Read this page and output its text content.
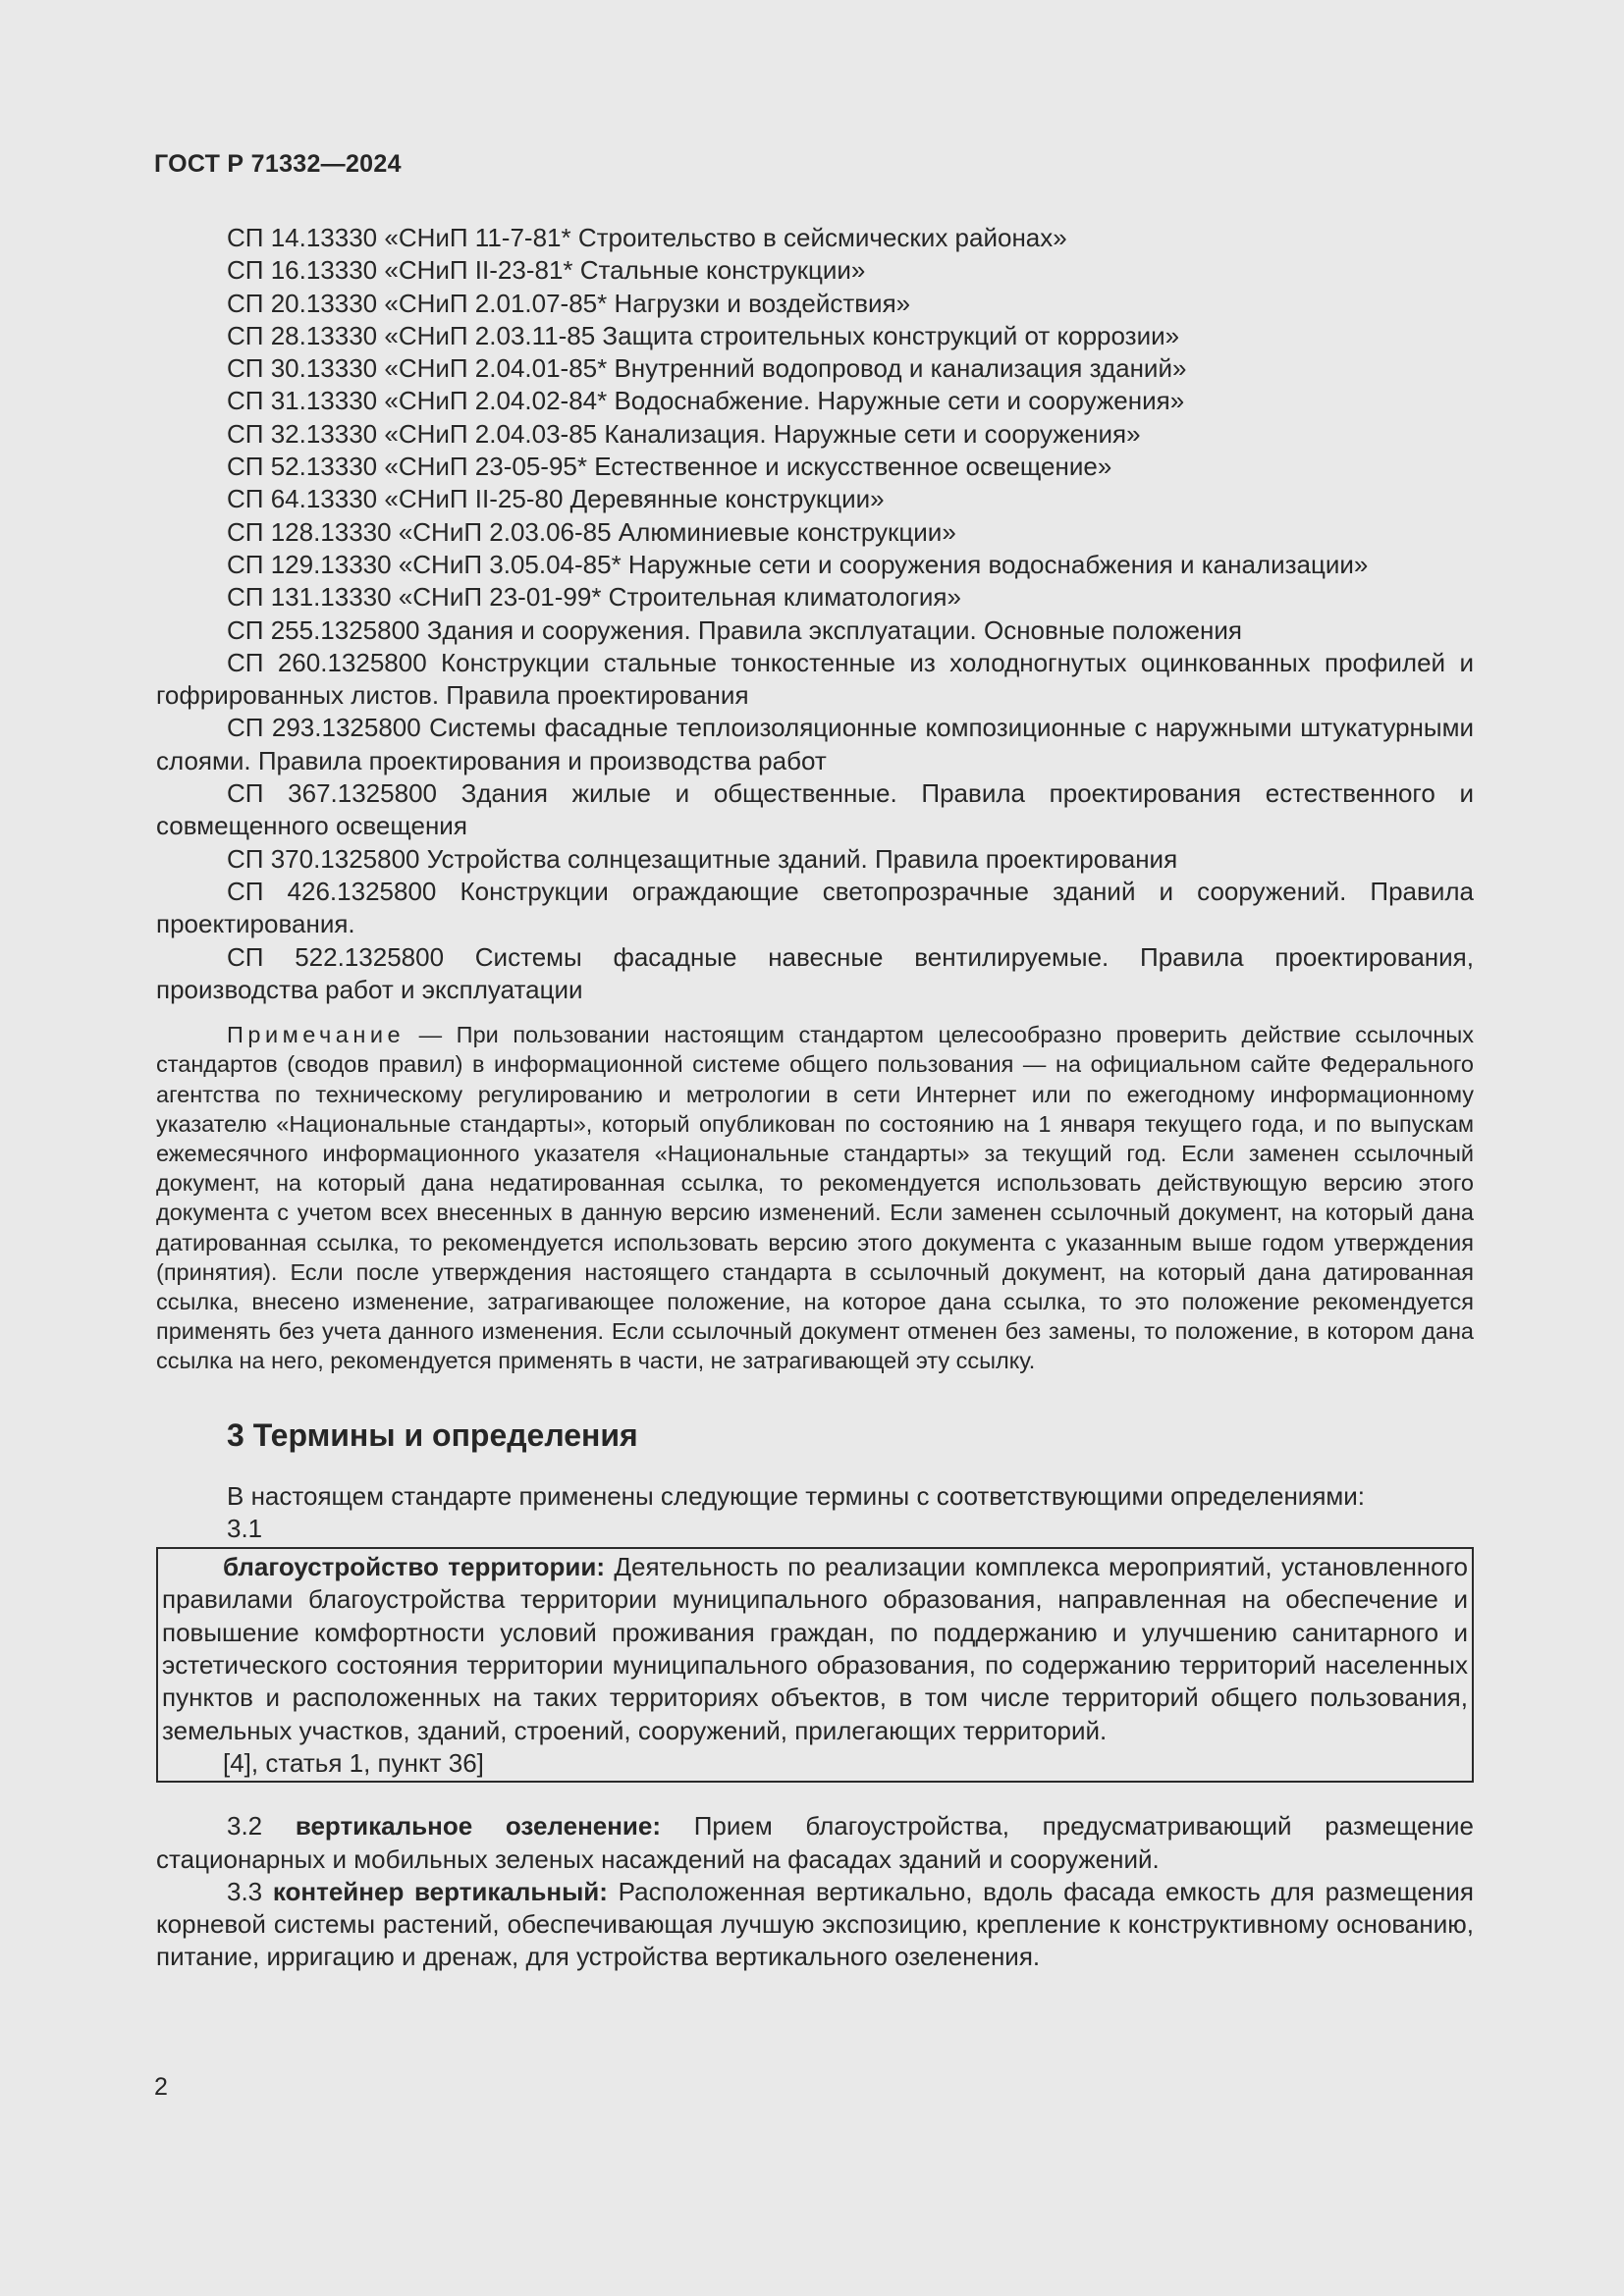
ГОСТ Р 71332—2024

СП 14.13330 «СНиП 11-7-81* Строительство в сейсмических районах»

СП 16.13330 «СНиП II-23-81* Стальные конструкции»

СП 20.13330 «СНиП 2.01.07-85* Нагрузки и воздействия»

СП 28.13330 «СНиП 2.03.11-85 Защита строительных конструкций от коррозии»

СП 30.13330 «СНиП 2.04.01-85* Внутренний водопровод и канализация зданий»

СП 31.13330 «СНиП 2.04.02-84* Водоснабжение. Наружные сети и сооружения»

СП 32.13330 «СНиП 2.04.03-85 Канализация. Наружные сети и сооружения»

СП 52.13330 «СНиП 23-05-95* Естественное и искусственное освещение»

СП 64.13330 «СНиП II-25-80 Деревянные конструкции»

СП 128.13330 «СНиП 2.03.06-85 Алюминиевые конструкции»

СП 129.13330 «СНиП 3.05.04-85* Наружные сети и сооружения водоснабжения и канализации»

СП 131.13330 «СНиП 23-01-99* Строительная климатология»

СП 255.1325800 Здания и сооружения. Правила эксплуатации. Основные положения

СП 260.1325800 Конструкции стальные тонкостенные из холодногнутых оцинкованных профилей и гофрированных листов. Правила проектирования

СП 293.1325800 Системы фасадные теплоизоляционные композиционные с наружными штукатурными слоями. Правила проектирования и производства работ

СП 367.1325800 Здания жилые и общественные. Правила проектирования естественного и совмещенного освещения

СП 370.1325800 Устройства солнцезащитные зданий. Правила проектирования

СП 426.1325800 Конструкции ограждающие светопрозрачные зданий и сооружений. Правила проектирования.

СП 522.1325800 Системы фасадные навесные вентилируемые. Правила проектирования, производства работ и эксплуатации

Примечание — При пользовании настоящим стандартом целесообразно проверить действие ссылочных стандартов (сводов правил) в информационной системе общего пользования — на официальном сайте Федерального агентства по техническому регулированию и метрологии в сети Интернет или по ежегодному информационному указателю «Национальные стандарты», который опубликован по состоянию на 1 января текущего года, и по выпускам ежемесячного информационного указателя «Национальные стандарты» за текущий год. Если заменен ссылочный документ, на который дана недатированная ссылка, то рекомендуется использовать действующую версию этого документа с учетом всех внесенных в данную версию изменений. Если заменен ссылочный документ, на который дана датированная ссылка, то рекомендуется использовать версию этого документа с указанным выше годом утверждения (принятия). Если после утверждения настоящего стандарта в ссылочный документ, на который дана датированная ссылка, внесено изменение, затрагивающее положение, на которое дана ссылка, то это положение рекомендуется применять без учета данного изменения. Если ссылочный документ отменен без замены, то положение, в котором дана ссылка на него, рекомендуется применять в части, не затрагивающей эту ссылку.

3 Термины и определения
В настоящем стандарте применены следующие термины с соответствующими определениями:
3.1

благоустройство территории: Деятельность по реализации комплекса мероприятий, установленного правилами благоустройства территории муниципального образования, направленная на обеспечение и повышение комфортности условий проживания граждан, по поддержанию и улучшению санитарного и эстетического состояния территории муниципального образования, по содержанию территорий населенных пунктов и расположенных на таких территориях объектов, в том числе территорий общего пользования, земельных участков, зданий, строений, сооружений, прилегающих территорий.

[4], статья 1, пункт 36]

3.2 вертикальное озеленение: Прием благоустройства, предусматривающий размещение стационарных и мобильных зеленых насаждений на фасадах зданий и сооружений.

3.3 контейнер вертикальный: Расположенная вертикально, вдоль фасада емкость для размещения корневой системы растений, обеспечивающая лучшую экспозицию, крепление к конструктивному основанию, питание, ирригацию и дренаж, для устройства вертикального озеленения.

2
